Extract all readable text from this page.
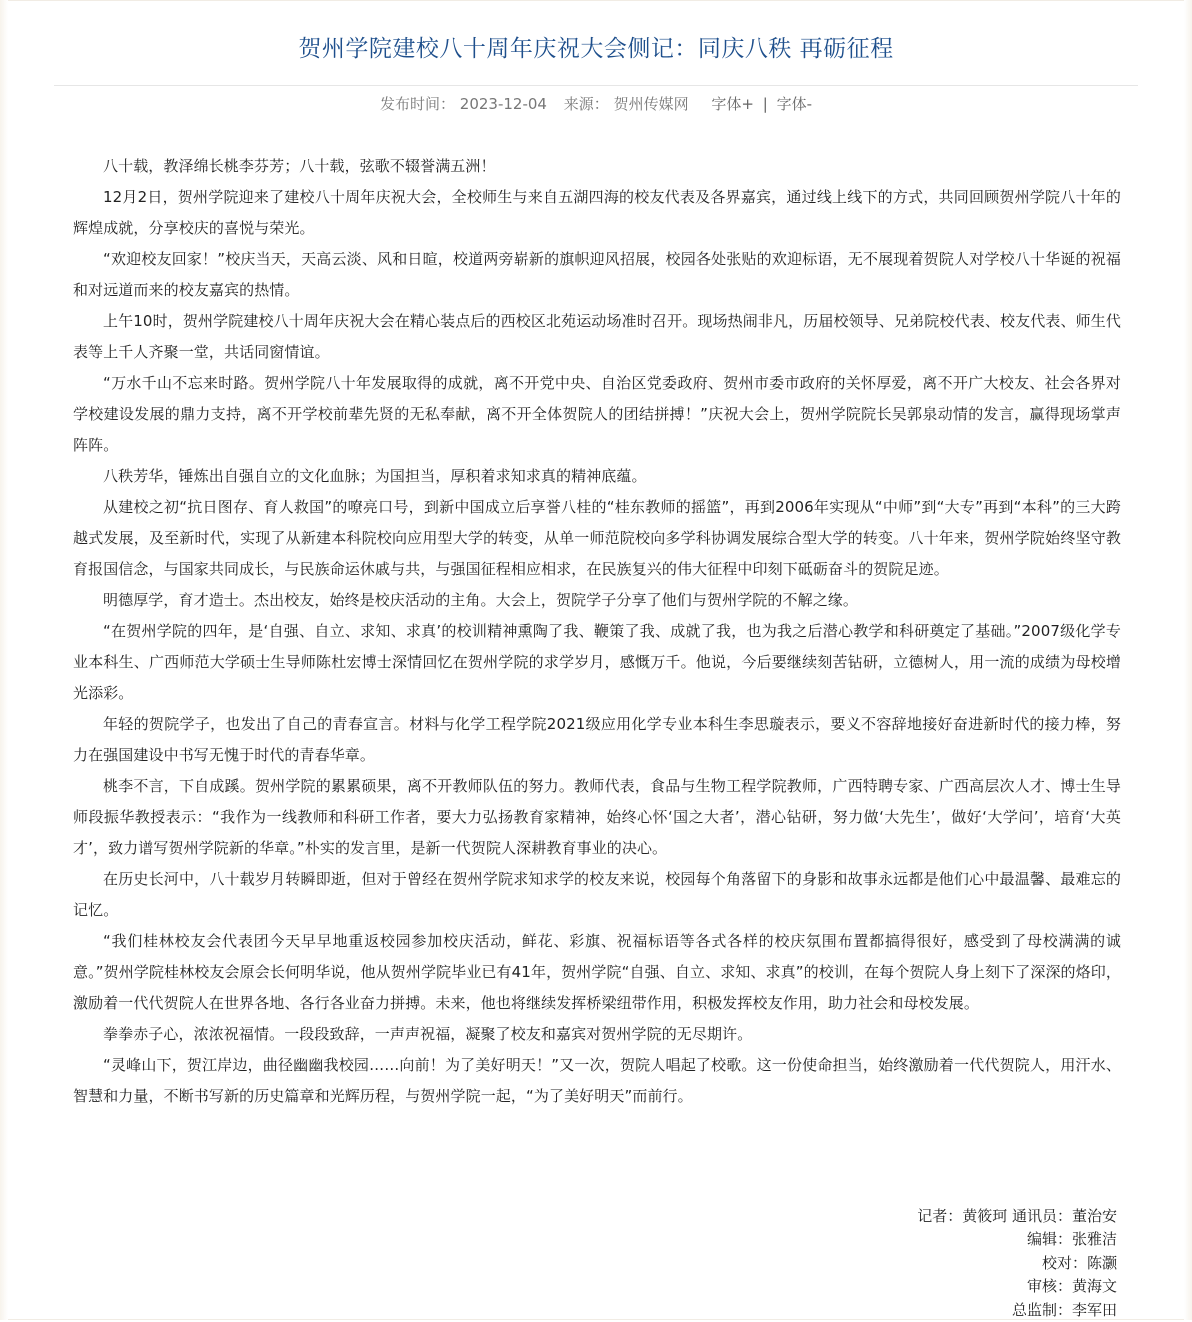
贺州学院建校八十周年庆祝大会侧记：同庆八秩 再砺征程
发布时间： 2023-12-04 来源： 贺州传媒网 字体+ | 字体-

八十载，教泽绵长桃李芬芳；八十载，弦歌不辍誉满五洲！

12月2日，贺州学院迎来了建校八十周年庆祝大会，全校师生与来自五湖四海的校友代表及各界嘉宾，通过线上线下的方式，共同回顾贺州学院八十年的辉煌成就，分享校庆的喜悦与荣光。

“欢迎校友回家！”校庆当天，天高云淡、风和日暄，校道两旁崭新的旗帜迎风招展，校园各处张贴的欢迎标语，无不展现着贺院人对学校八十华诞的祝福和对远道而来的校友嘉宾的热情。

上午10时，贺州学院建校八十周年庆祝大会在精心装点后的西校区北苑运动场准时召开。现场热闹非凡，历届校领导、兄弟院校代表、校友代表、师生代表等上千人齐聚一堂，共话同窗情谊。

“万水千山不忘来时路。贺州学院八十年发展取得的成就，离不开党中央、自治区党委政府、贺州市委市政府的关怀厚爱，离不开广大校友、社会各界对学校建设发展的鼎力支持，离不开学校前辈先贤的无私奉献，离不开全体贺院人的团结拼搏！”庆祝大会上，贺州学院院长吴郭泉动情的发言，赢得现场掌声阵阵。

八秩芳华，锤炼出自强自立的文化血脉；为国担当，厚积着求知求真的精神底蕴。

从建校之初“抗日图存、育人救国”的嘹亮口号，到新中国成立后享誉八桂的“桂东教师的摇篮”，再到2006年实现从“中师”到“大专”再到“本科”的三大跨越式发展，及至新时代，实现了从新建本科院校向应用型大学的转变，从单一师范院校向多学科协调发展综合型大学的转变。八十年来，贺州学院始终坚守教育报国信念，与国家共同成长，与民族命运休戚与共，与强国征程相应相求，在民族复兴的伟大征程中印刻下砥砺奋斗的贺院足迹。

明德厚学，育才造士。杰出校友，始终是校庆活动的主角。大会上，贺院学子分享了他们与贺州学院的不解之缘。

“在贺州学院的四年，是‘自强、自立、求知、求真’的校训精神熏陶了我、鞭策了我、成就了我，也为我之后潜心教学和科研奠定了基础。”2007级化学专业本科生、广西师范大学硕士生导师陈杜宏博士深情回忆在贺州学院的求学岁月，感慨万千。他说，今后要继续刻苦钻研，立德树人，用一流的成绩为母校增光添彩。

年轻的贺院学子，也发出了自己的青春宣言。材料与化学工程学院2021级应用化学专业本科生李思璇表示，要义不容辞地接好奋进新时代的接力棒，努力在强国建设中书写无愧于时代的青春华章。

桃李不言，下自成蹊。贺州学院的累累硕果，离不开教师队伍的努力。教师代表，食品与生物工程学院教师，广西特聘专家、广西高层次人才、博士生导师段振华教授表示：“我作为一线教师和科研工作者，要大力弘扬教育家精神，始终心怀‘国之大者’，潜心钻研，努力做‘大先生’，做好‘大学问’，培育‘大英才’，致力谱写贺州学院新的华章。”朴实的发言里，是新一代贺院人深耕教育事业的决心。

在历史长河中，八十载岁月转瞬即逝，但对于曾经在贺州学院求知求学的校友来说，校园每个角落留下的身影和故事永远都是他们心中最温馨、最难忘的记忆。

“我们桂林校友会代表团今天早早地重返校园参加校庆活动，鲜花、彩旗、祝福标语等各式各样的校庆氛围布置都搞得很好，感受到了母校满满的诚意。”贺州学院桂林校友会原会长何明华说，他从贺州学院毕业已有41年，贺州学院“自强、自立、求知、求真”的校训，在每个贺院人身上刻下了深深的烙印，激励着一代代贺院人在世界各地、各行各业奋力拼搏。未来，他也将继续发挥桥梁纽带作用，积极发挥校友作用，助力社会和母校发展。

拳拳赤子心，浓浓祝福情。一段段致辞，一声声祝福，凝聚了校友和嘉宾对贺州学院的无尽期许。

“灵峰山下，贺江岸边，曲径幽幽我校园……向前！为了美好明天！”又一次，贺院人唱起了校歌。这一份使命担当，始终激励着一代代贺院人，用汗水、智慧和力量，不断书写新的历史篇章和光辉历程，与贺州学院一起，“为了美好明天”而前行。

记者：黄筱珂 通讯员：董治安
编辑：张雅洁
校对：陈灏
审核：黄海文
总监制：李军田
